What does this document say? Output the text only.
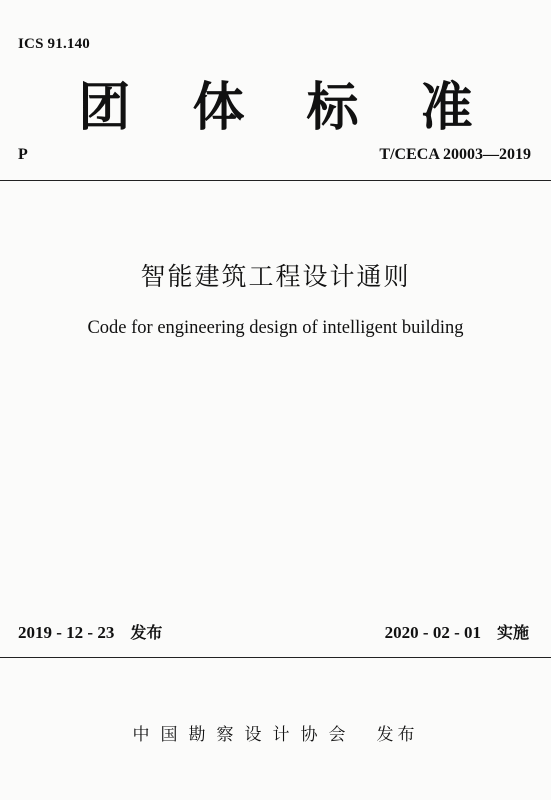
ICS 91.140
团 体 标 准
P	T/CECA 20003—2019
智能建筑工程设计通则
Code for engineering design of intelligent building
2019 - 12 - 23 发布	2020 - 02 - 01 实施
中国勘察设计协会 发布
